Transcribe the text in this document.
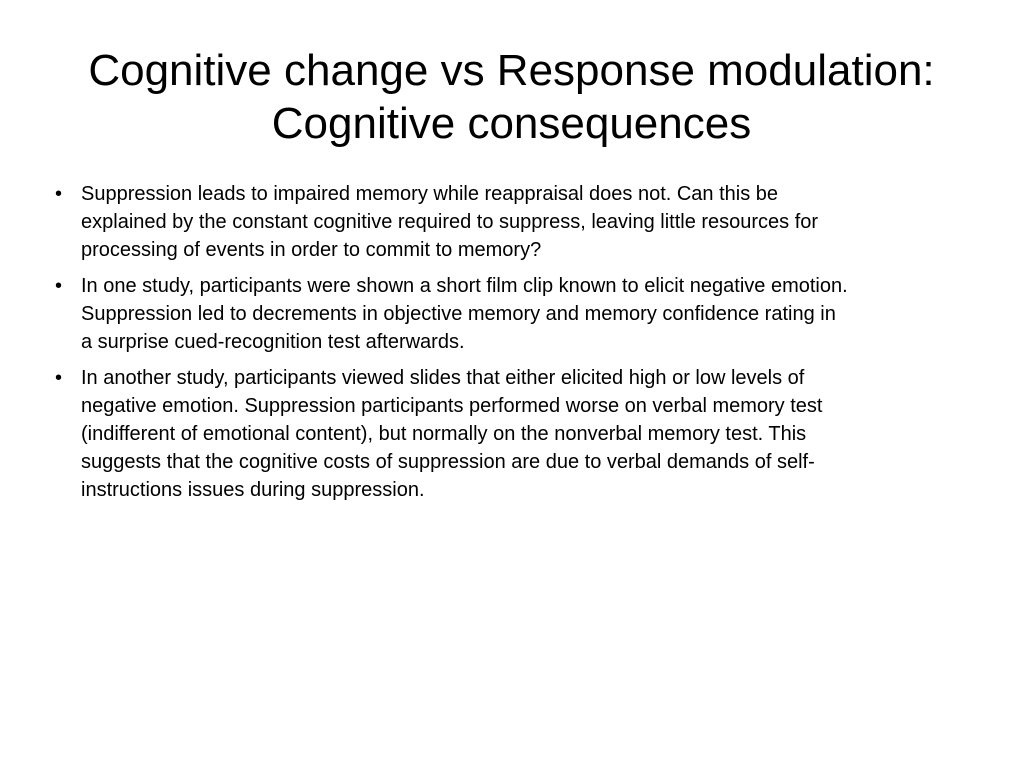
Cognitive change vs Response modulation:
Cognitive consequences
• Suppression leads to impaired memory while reappraisal does not. Can this be
explained by the constant cognitive required to suppress, leaving little resources for
processing of events in order to commit to memory?
• In one study, participants were shown a short film clip known to elicit negative emotion.
Suppression led to decrements in objective memory and memory confidence rating in
a surprise cued-recognition test afterwards.
• In another study, participants viewed slides that either elicited high or low levels of
negative emotion. Suppression participants performed worse on verbal memory test
(indifferent of emotional content), but normally on the nonverbal memory test. This
suggests that the cognitive costs of suppression are due to verbal demands of self-
instructions issues during suppression.
